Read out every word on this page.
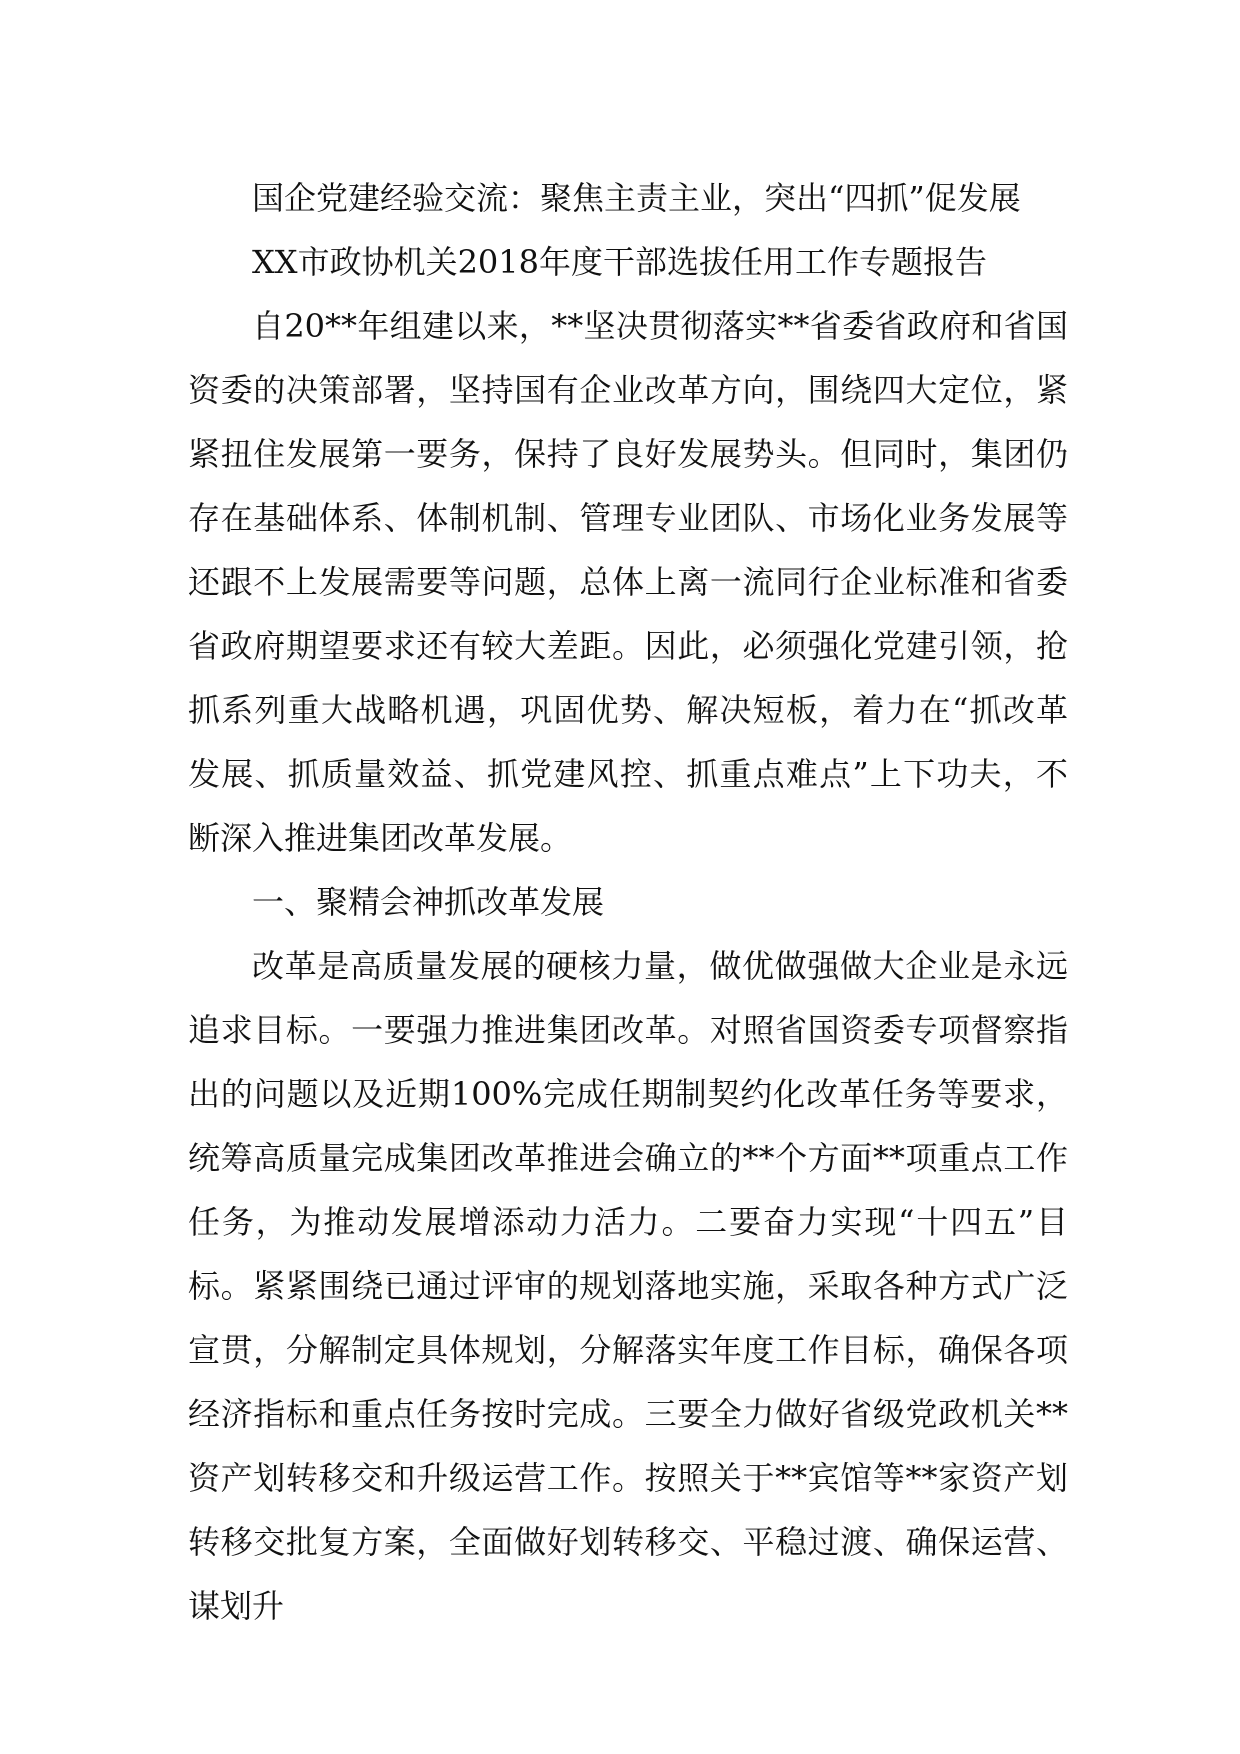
国企党建经验交流：聚焦主责主业，突出“四抓”促发展

XX市政协机关2018年度干部选拔任用工作专题报告

自20**年组建以来，**坚决贯彻落实**省委省政府和省国资委的决策部署，坚持国有企业改革方向，围绕四大定位，紧紧扭住发展第一要务，保持了良好发展势头。但同时，集团仍存在基础体系、体制机制、管理专业团队、市场化业务发展等还跟不上发展需要等问题，总体上离一流同行企业标准和省委省政府期望要求还有较大差距。因此，必须强化党建引领，抢抓系列重大战略机遇，巩固优势、解决短板，着力在“抓改革发展、抓质量效益、抓党建风控、抓重点难点”上下功夫，不断深入推进集团改革发展。

一、聚精会神抓改革发展

改革是高质量发展的硬核力量，做优做强做大企业是永远追求目标。一要强力推进集团改革。对照省国资委专项督察指出的问题以及近期100%完成任期制契约化改革任务等要求，统筹高质量完成集团改革推进会确立的**个方面**项重点工作任务，为推动发展增添动力活力。二要奋力实现“十四五”目标。紧紧围绕已通过评审的规划落地实施，采取各种方式广泛宣贯，分解制定具体规划，分解落实年度工作目标，确保各项经济指标和重点任务按时完成。三要全力做好省级党政机关**资产划转移交和升级运营工作。按照关于**宾馆等**家资产划转移交批复方案，全面做好划转移交、平稳过渡、确保运营、谋划升
